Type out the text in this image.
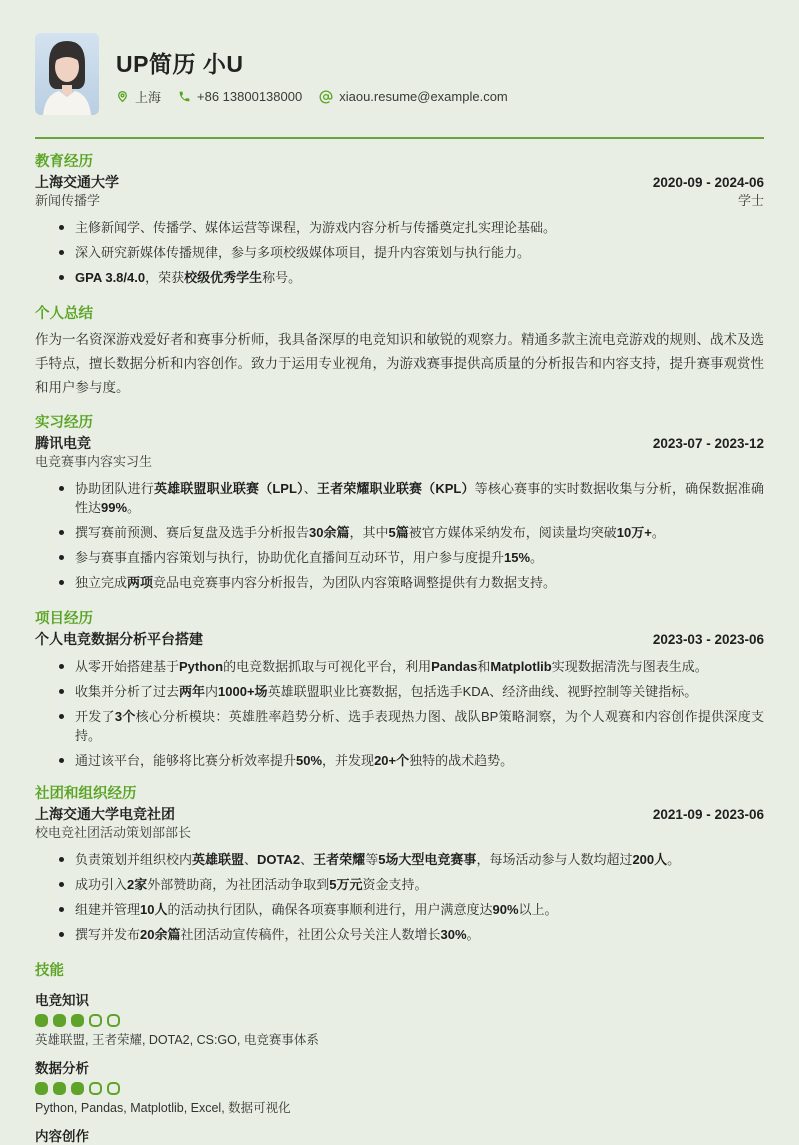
UP简历 小U
上海	+86 13800138000	xiaou.resume@example.com
教育经历
上海交通大学	2020-09 - 2024-06
新闻传播学	学士
主修新闻学、传播学、媒体运营等课程，为游戏内容分析与传播奠定扎实理论基础。
深入研究新媒体传播规律，参与多项校级媒体项目，提升内容策划与执行能力。
GPA 3.8/4.0，荣获校级优秀学生称号。
个人总结
作为一名资深游戏爱好者和赛事分析师，我具备深厚的电竞知识和敏锐的观察力。精通多款主流电竞游戏的规则、战术及选手特点，擅长数据分析和内容创作。致力于运用专业视角，为游戏赛事提供高质量的分析报告和内容支持，提升赛事观赏性和用户参与度。
实习经历
腾讯电竞	2023-07 - 2023-12
电竞赛事内容实习生
协助团队进行英雄联盟职业联赛（LPL）、王者荣耀职业联赛（KPL）等核心赛事的实时数据收集与分析，确保数据准确性达99%。
撰写赛前预测、赛后复盘及选手分析报告30余篇，其中5篇被官方媒体采纳发布，阅读量均突破10万+。
参与赛事直播内容策划与执行，协助优化直播间互动环节，用户参与度提升15%。
独立完成两项竞品电竞赛事内容分析报告，为团队内容策略调整提供有力数据支持。
项目经历
个人电竞数据分析平台搭建	2023-03 - 2023-06
从零开始搭建基于Python的电竞数据抓取与可视化平台，利用Pandas和Matplotlib实现数据清洗与图表生成。
收集并分析了过去两年内1000+场英雄联盟职业比赛数据，包括选手KDA、经济曲线、视野控制等关键指标。
开发了3个核心分析模块：英雄胜率趋势分析、选手表现热力图、战队BP策略洞察，为个人观赛和内容创作提供深度支持。
通过该平台，能够将比赛分析效率提升50%，并发现20+个独特的战术趋势。
社团和组织经历
上海交通大学电竞社团	2021-09 - 2023-06
校电竞社团活动策划部部长
负责策划并组织校内英雄联盟、DOTA2、王者荣耀等5场大型电竞赛事，每场活动参与人数均超过200人。
成功引入2家外部赞助商，为社团活动争取到5万元资金支持。
组建并管理10人的活动执行团队，确保各项赛事顺利进行，用户满意度达90%以上。
撰写并发布20余篇社团活动宣传稿件，社团公众号关注人数增长30%。
技能
电竞知识
英雄联盟, 王者荣耀, DOTA2, CS:GO, 电竞赛事体系
数据分析
Python, Pandas, Matplotlib, Excel, 数据可视化
内容创作
